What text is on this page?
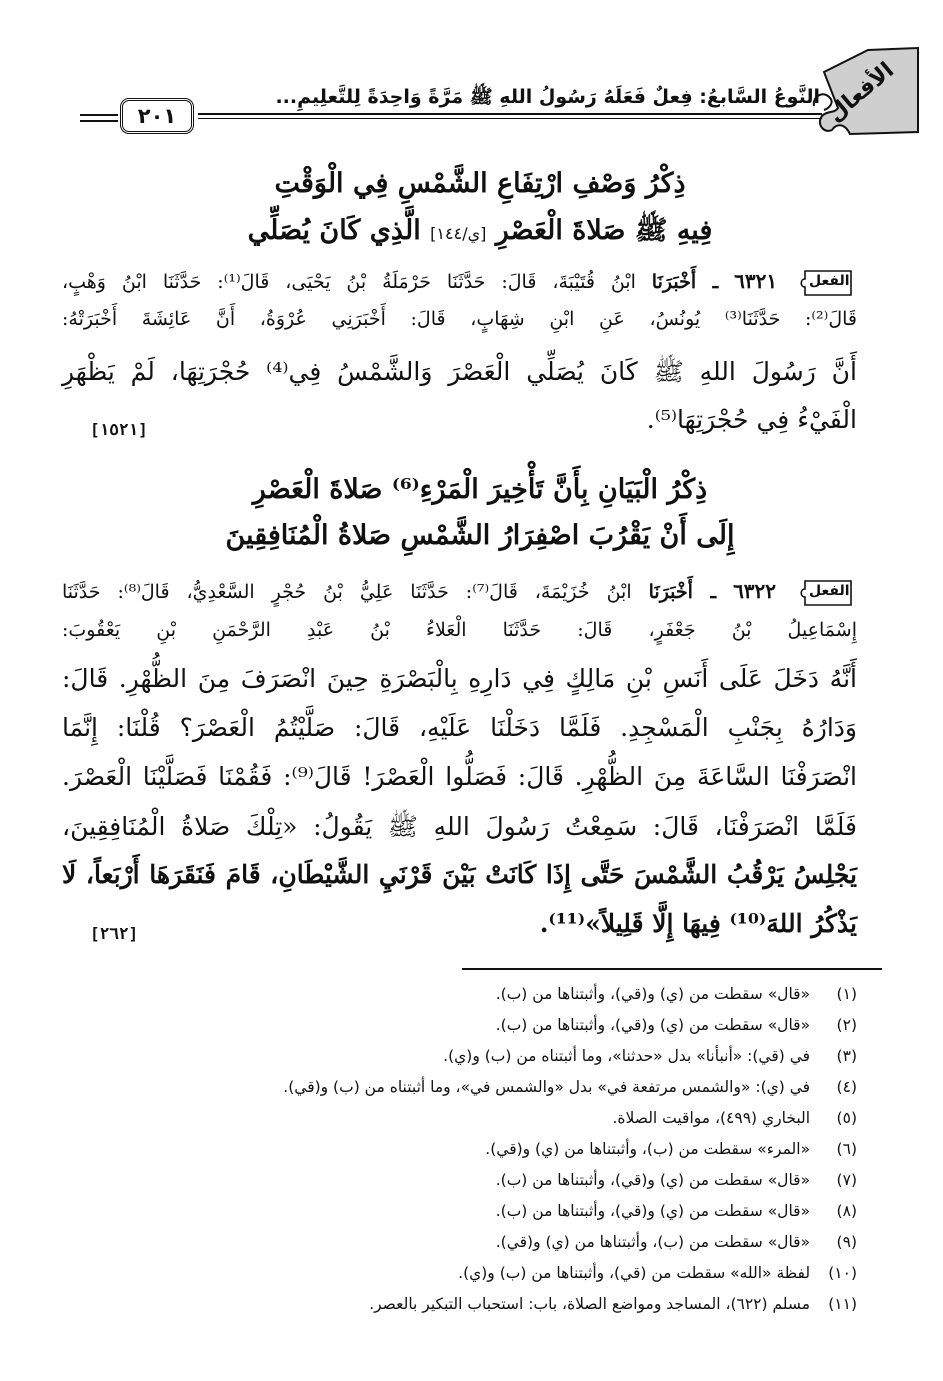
الأفعال
النَّوعُ السَّابعُ: فِعلٌ فَعَلَهُ رَسُولُ اللهِ ﷺ مَرَّةً وَاحِدَةً لِلتَّعلِيمِ...
٢٠١
ذِكْرُ وَصْفِ ارْتِفَاعِ الشَّمْسِ فِي الْوَقْتِ
فِيهِ ﷺ صَلاةَ الْعَصْرِ [ي/١٤٤] الَّذِي كَانَ يُصَلِّي
الفعل
٦٣٢١ ـ أَخْبَرَنَا ابْنُ قُتَيْبَةَ، قَالَ: حَدَّثَنَا حَرْمَلَةُ بْنُ يَحْيَى، قَالَ⁽¹⁾: حَدَّثَنَا ابْنُ وَهْبٍ،
قَالَ⁽²⁾: حَدَّثَنَا⁽³⁾ يُونُسُ، عَنِ ابْنِ شِهَابٍ، قَالَ: أَخْبَرَنِي عُرْوَةُ، أَنَّ عَائِشَةَ أَخْبَرَتْهُ:
أَنَّ رَسُولَ اللهِ ﷺ كَانَ يُصَلِّي الْعَصْرَ وَالشَّمْسُ فِي⁽⁴⁾ حُجْرَتِهَا، لَمْ يَظْهَرِ
الْفَيْءُ فِي حُجْرَتِهَا⁽⁵⁾.
[١٥٢١]
ذِكْرُ الْبَيَانِ بِأَنَّ تَأْخِيرَ الْمَرْءِ⁽⁶⁾ صَلاةَ الْعَصْرِ
إِلَى أَنْ يَقْرُبَ اصْفِرَارُ الشَّمْسِ صَلاةُ الْمُنَافِقِينَ
الفعل
٦٣٢٢ ـ أَخْبَرَنَا ابْنُ خُزَيْمَةَ، قَالَ⁽⁷⁾: حَدَّثَنَا عَلِيُّ بْنُ حُجْرٍ السَّعْدِيُّ، قَالَ⁽⁸⁾: حَدَّثَنَا
إِسْمَاعِيلُ بْنُ جَعْفَرٍ، قَالَ: حَدَّثَنَا الْعَلاءُ بْنُ عَبْدِ الرَّحْمَنِ بْنِ يَعْقُوبَ:
أَنَّهُ دَخَلَ عَلَى أَنَسِ بْنِ مَالِكٍ فِي دَارِهِ بِالْبَصْرَةِ حِينَ انْصَرَفَ مِنَ الظُّهْرِ. قَالَ:
وَدَارُهُ بِجَنْبِ الْمَسْجِدِ. فَلَمَّا دَخَلْنَا عَلَيْهِ، قَالَ: صَلَّيْتُمُ الْعَصْرَ؟ قُلْنَا: إِنَّمَا
انْصَرَفْنَا السَّاعَةَ مِنَ الظُّهْرِ. قَالَ: فَصَلُّوا الْعَصْرَ! قَالَ⁽⁹⁾: فَقُمْنَا فَصَلَّيْنَا الْعَصْرَ.
فَلَمَّا انْصَرَفْنَا، قَالَ: سَمِعْتُ رَسُولَ اللهِ ﷺ يَقُولُ: «تِلْكَ صَلاةُ الْمُنَافِقِينَ،
يَجْلِسُ يَرْقُبُ الشَّمْسَ حَتَّى إِذَا كَانَتْ بَيْنَ قَرْنَيِ الشَّيْطَانِ، قَامَ فَنَقَرَهَا أَرْبَعاً، لَا
يَذْكُرُ اللهَ⁽¹⁰⁾ فِيهَا إِلَّا قَلِيلاً»⁽¹¹⁾.
[٢٦٢]
(١) «قال» سقطت من (ي) و(قي)، وأثبتناها من (ب).
(٢) «قال» سقطت من (ي) و(قي)، وأثبتناها من (ب).
(٣) في (قي): «أنبأنا» بدل «حدثنا»، وما أثبتناه من (ب) و(ي).
(٤) في (ي): «والشمس مرتفعة في» بدل «والشمس في»، وما أثبتناه من (ب) و(قي).
(٥) البخاري (٤٩٩)، مواقيت الصلاة.
(٦) «المرء» سقطت من (ب)، وأثبتناها من (ي) و(قي).
(٧) «قال» سقطت من (ي) و(قي)، وأثبتناها من (ب).
(٨) «قال» سقطت من (ي) و(قي)، وأثبتناها من (ب).
(٩) «قال» سقطت من (ب)، وأثبتناها من (ي) و(قي).
(١٠) لفظة «الله» سقطت من (قي)، وأثبتناها من (ب) و(ي).
(١١) مسلم (٦٢٢)، المساجد ومواضع الصلاة، باب: استحباب التبكير بالعصر.
